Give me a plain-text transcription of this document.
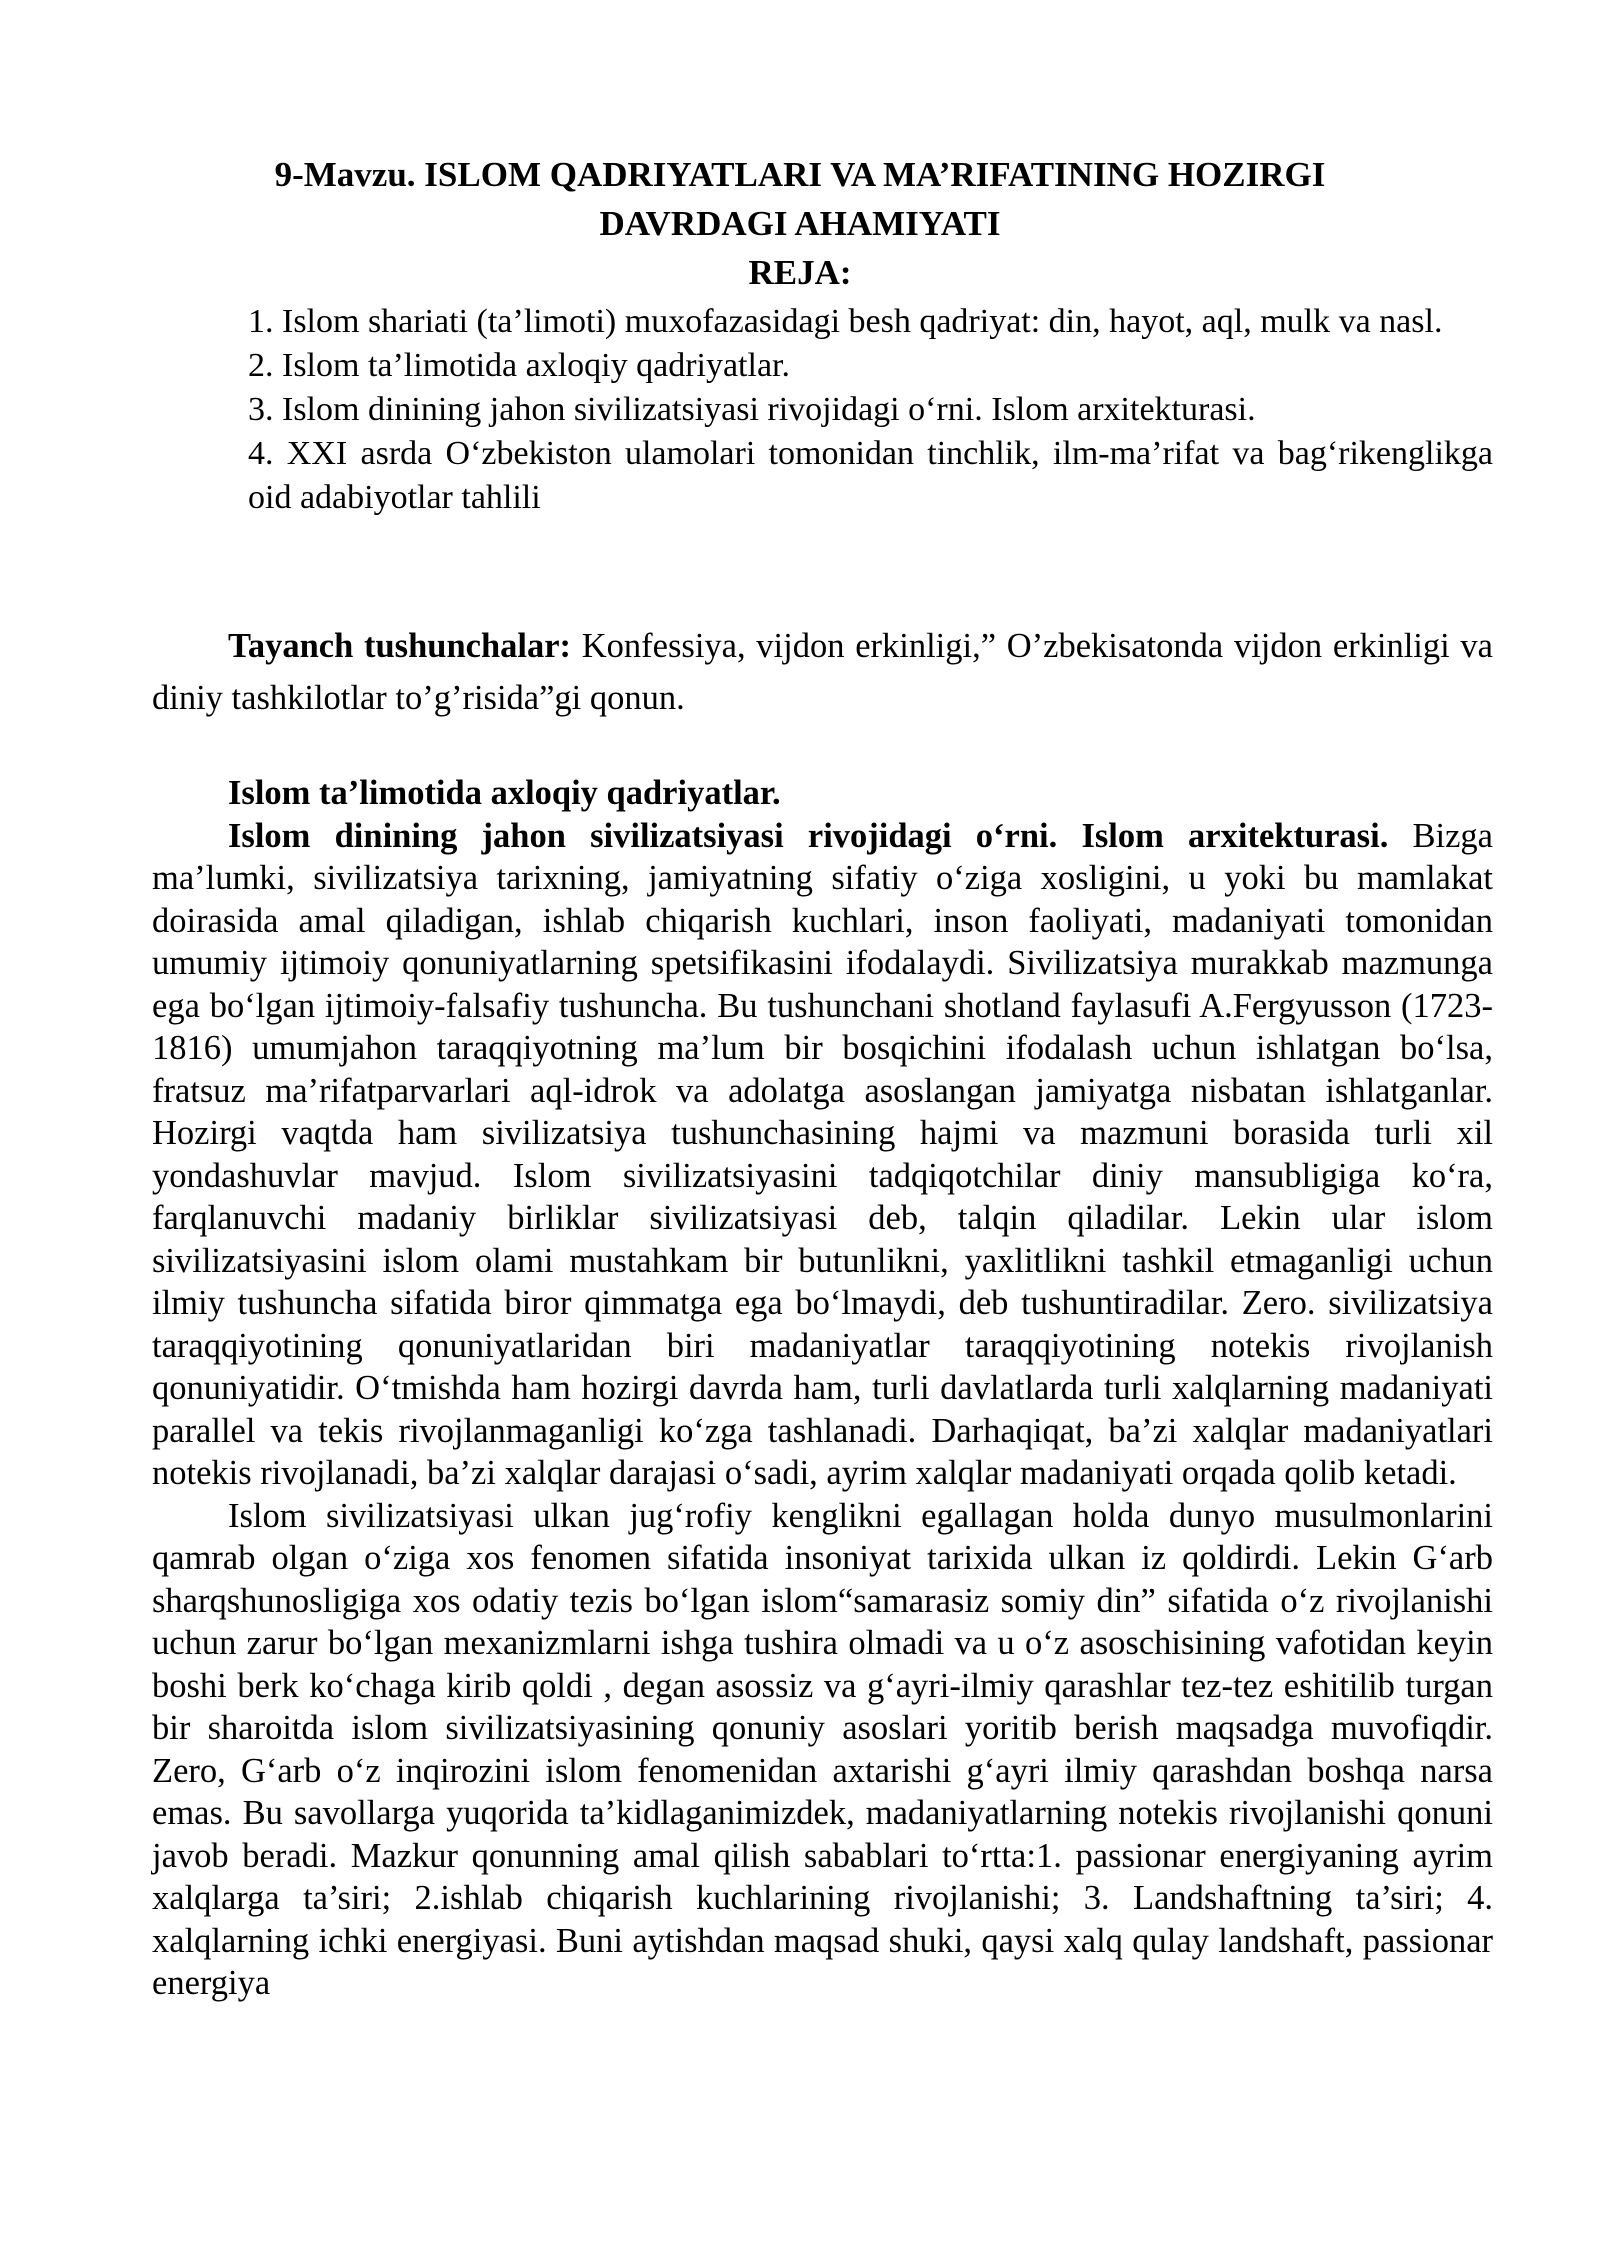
9-Mavzu. ISLOM QADRIYATLARI VA MA’RIFATINING HOZIRGI
DAVRDAGI AHAMIYATI
REJA:

1. Islom shariati (ta’limoti) muxofazasidagi besh qadriyat: din, hayot, aql, mulk va nasl.

2. Islom ta’limotida axloqiy qadriyatlar.

3. Islom dinining jahon sivilizatsiyasi rivojidagi o‘rni. Islom arxitekturasi.

4. XXI asrda O‘zbekiston ulamolari tomonidan tinchlik, ilm-ma’rifat va bag‘rikenglikga oid adabiyotlar tahlili

Tayanch tushunchalar: Konfessiya, vijdon erkinligi,” O’zbekisatonda vijdon erkinligi va diniy tashkilotlar to’g’risida”gi qonun.

Islom ta’limotida axloqiy qadriyatlar.

Islom dinining jahon sivilizatsiyasi rivojidagi o‘rni. Islom arxitekturasi. Bizga ma’lumki, sivilizatsiya tarixning, jamiyatning sifatiy o‘ziga xosligini, u yoki bu mamlakat doirasida amal qiladigan, ishlab chiqarish kuchlari, inson faoliyati, madaniyati tomonidan umumiy ijtimoiy qonuniyatlarning spetsifikasini ifodalaydi. Sivilizatsiya murakkab mazmunga ega bo‘lgan ijtimoiy-falsafiy tushuncha. Bu tushunchani shotland faylasufi A.Fergyusson (1723-1816) umumjahon taraqqiyotning ma’lum bir bosqichini ifodalash uchun ishlatgan bo‘lsa, fratsuz ma’rifatparvarlari aql-idrok va adolatga asoslangan jamiyatga nisbatan ishlatganlar. Hozirgi vaqtda ham sivilizatsiya tushunchasining hajmi va mazmuni borasida turli xil yondashuvlar mavjud. Islom sivilizatsiyasini tadqiqotchilar diniy mansubligiga ko‘ra, farqlanuvchi madaniy birliklar sivilizatsiyasi deb, talqin qiladilar. Lekin ular islom sivilizatsiyasini islom olami mustahkam bir butunlikni, yaxlitlikni tashkil etmaganligi uchun ilmiy tushuncha sifatida biror qimmatga ega bo‘lmaydi, deb tushuntiradilar. Zero. sivilizatsiya taraqqiyotining qonuniyatlaridan biri madaniyatlar taraqqiyotining notekis rivojlanish qonuniyatidir. O‘tmishda ham hozirgi davrda ham, turli davlatlarda turli xalqlarning madaniyati parallel va tekis rivojlanmaganligi ko‘zga tashlanadi. Darhaqiqat, ba’zi xalqlar madaniyatlari notekis rivojlanadi, ba’zi xalqlar darajasi o‘sadi, ayrim xalqlar madaniyati orqada qolib ketadi.

Islom sivilizatsiyasi ulkan jug‘rofiy kenglikni egallagan holda dunyo musulmonlarini qamrab olgan o‘ziga xos fenomen sifatida insoniyat tarixida ulkan iz qoldirdi. Lekin G‘arb sharqshunosligiga xos odatiy tezis bo‘lgan islom“samarasiz somiy din” sifatida o‘z rivojlanishi uchun zarur bo‘lgan mexanizmlarni ishga tushira olmadi va u o‘z asoschisining vafotidan keyin boshi berk ko‘chaga kirib qoldi , degan asossiz va g‘ayri-ilmiy qarashlar tez-tez eshitilib turgan bir sharoitda islom sivilizatsiyasining qonuniy asoslari yoritib berish maqsadga muvofiqdir. Zero, G‘arb o‘z inqirozini islom fenomenidan axtarishi g‘ayri ilmiy qarashdan boshqa narsa emas. Bu savollarga yuqorida ta’kidlaganimizdek, madaniyatlarning notekis rivojlanishi qonuni javob beradi. Mazkur qonunning amal qilish sabablari to‘rtta:1. passionar energiyaning ayrim xalqlarga ta’siri; 2.ishlab chiqarish kuchlarining rivojlanishi; 3. Landshaftning ta’siri; 4. xalqlarning ichki energiyasi. Buni aytishdan maqsad shuki, qaysi xalq qulay landshaft, passionar energiya
